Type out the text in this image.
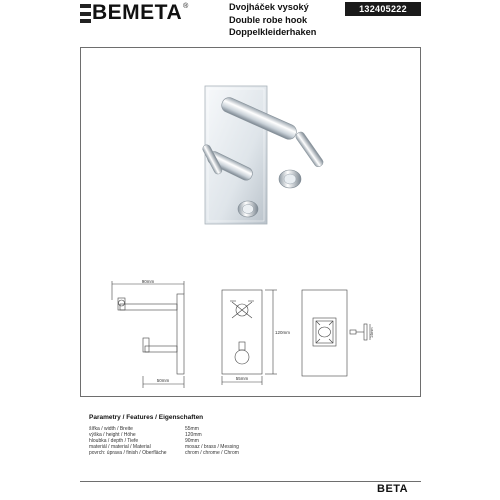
BEMETA ®	Dvojháček vysoký
Double robe hook
Doppelkleiderhaken
132405222
90mm
50mm
120mm
55mm
14mm
Parametry / Features / Eigenschaften
šířka / width / Breite	55mm
výška / height / Höhe	120mm
hloubka / depth / Tiefe	90mm
materiál / material / Material	mosaz / brass / Messing
povrch: úprava / finish / Oberfläche	chrom / chrome / Chrom
BETA
